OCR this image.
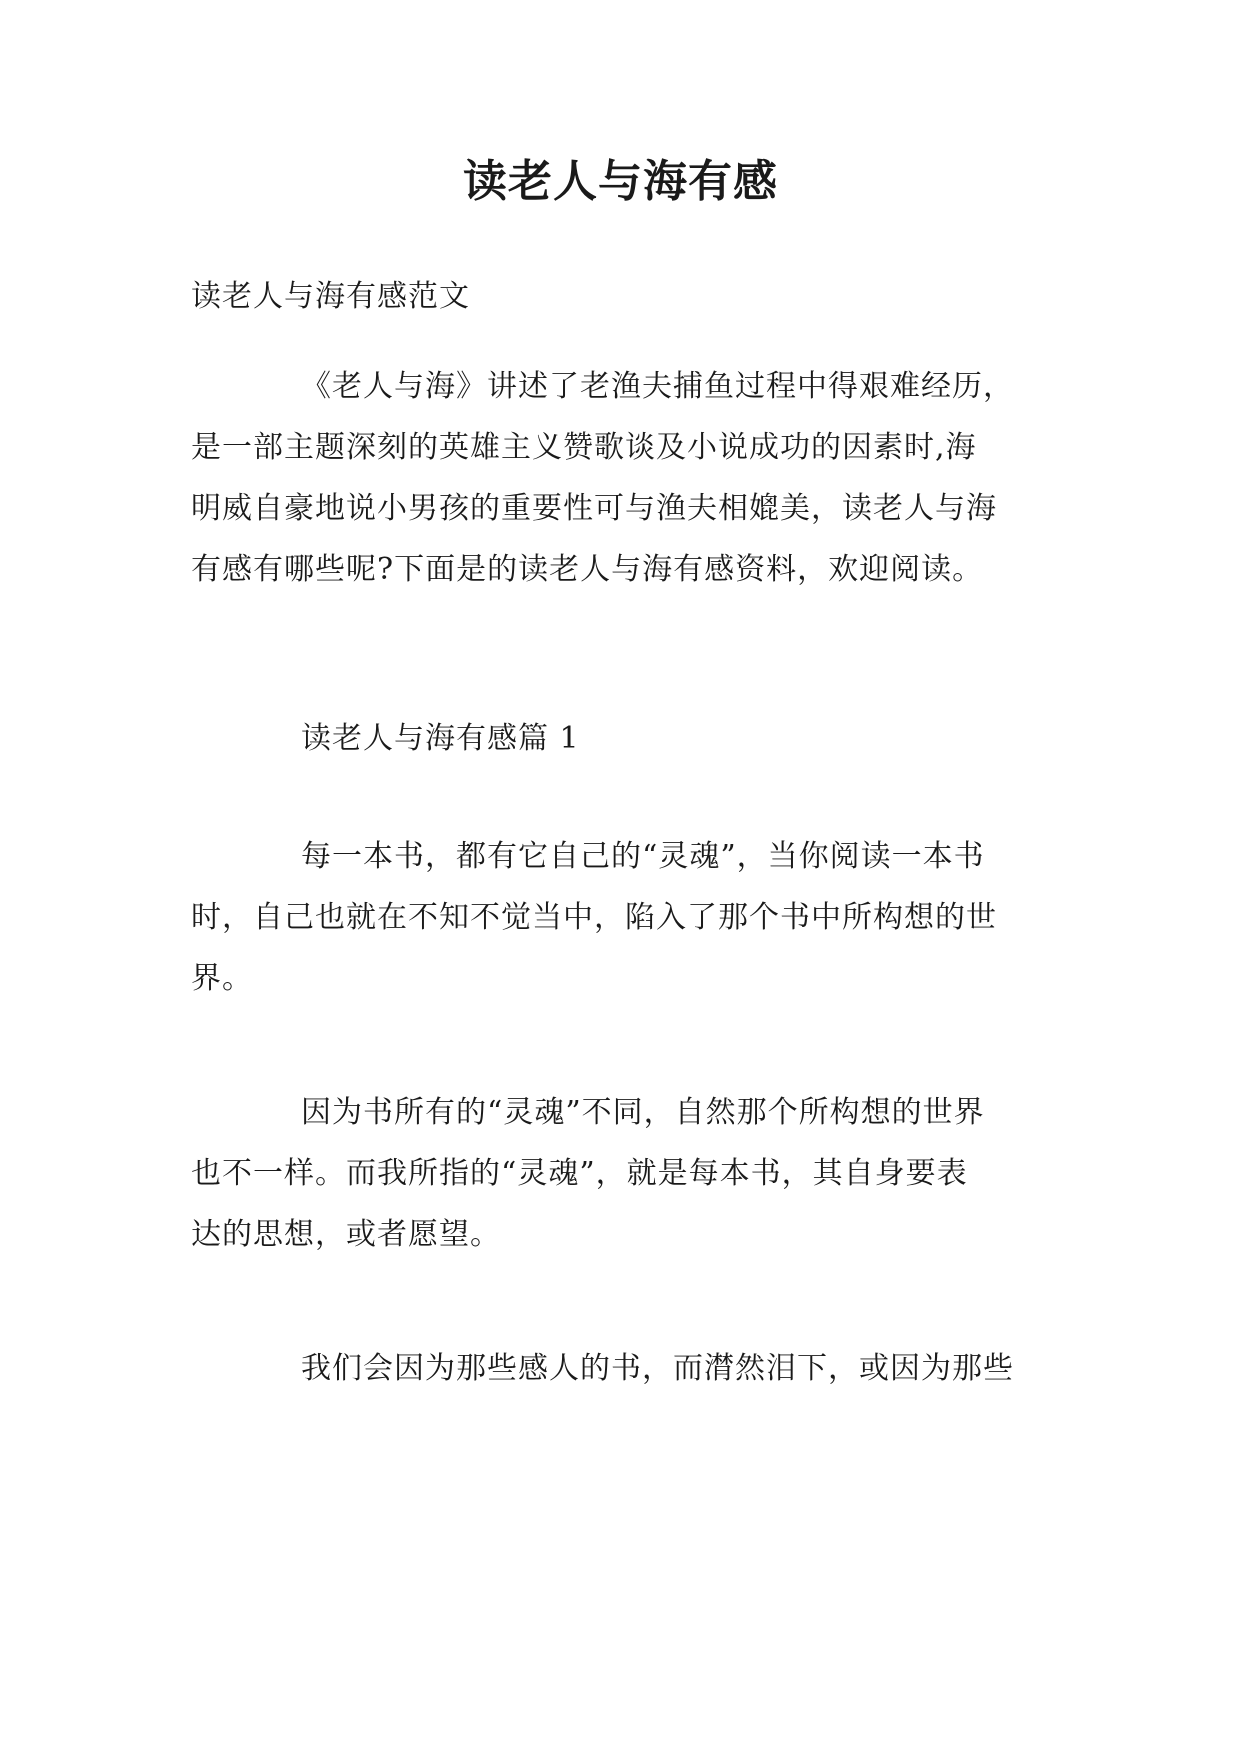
读老人与海有感
读老人与海有感范文
《老人与海》讲述了老渔夫捕鱼过程中得艰难经历，
是一部主题深刻的英雄主义赞歌谈及小说成功的因素时,海
明威自豪地说小男孩的重要性可与渔夫相媲美，读老人与海
有感有哪些呢?下面是的读老人与海有感资料，欢迎阅读。
读老人与海有感篇 1
每一本书，都有它自己的“灵魂”，当你阅读一本书
时，自己也就在不知不觉当中，陷入了那个书中所构想的世
界。
因为书所有的“灵魂”不同，自然那个所构想的世界
也不一样。而我所指的“灵魂”，就是每本书，其自身要表
达的思想，或者愿望。
我们会因为那些感人的书，而潸然泪下，或因为那些
